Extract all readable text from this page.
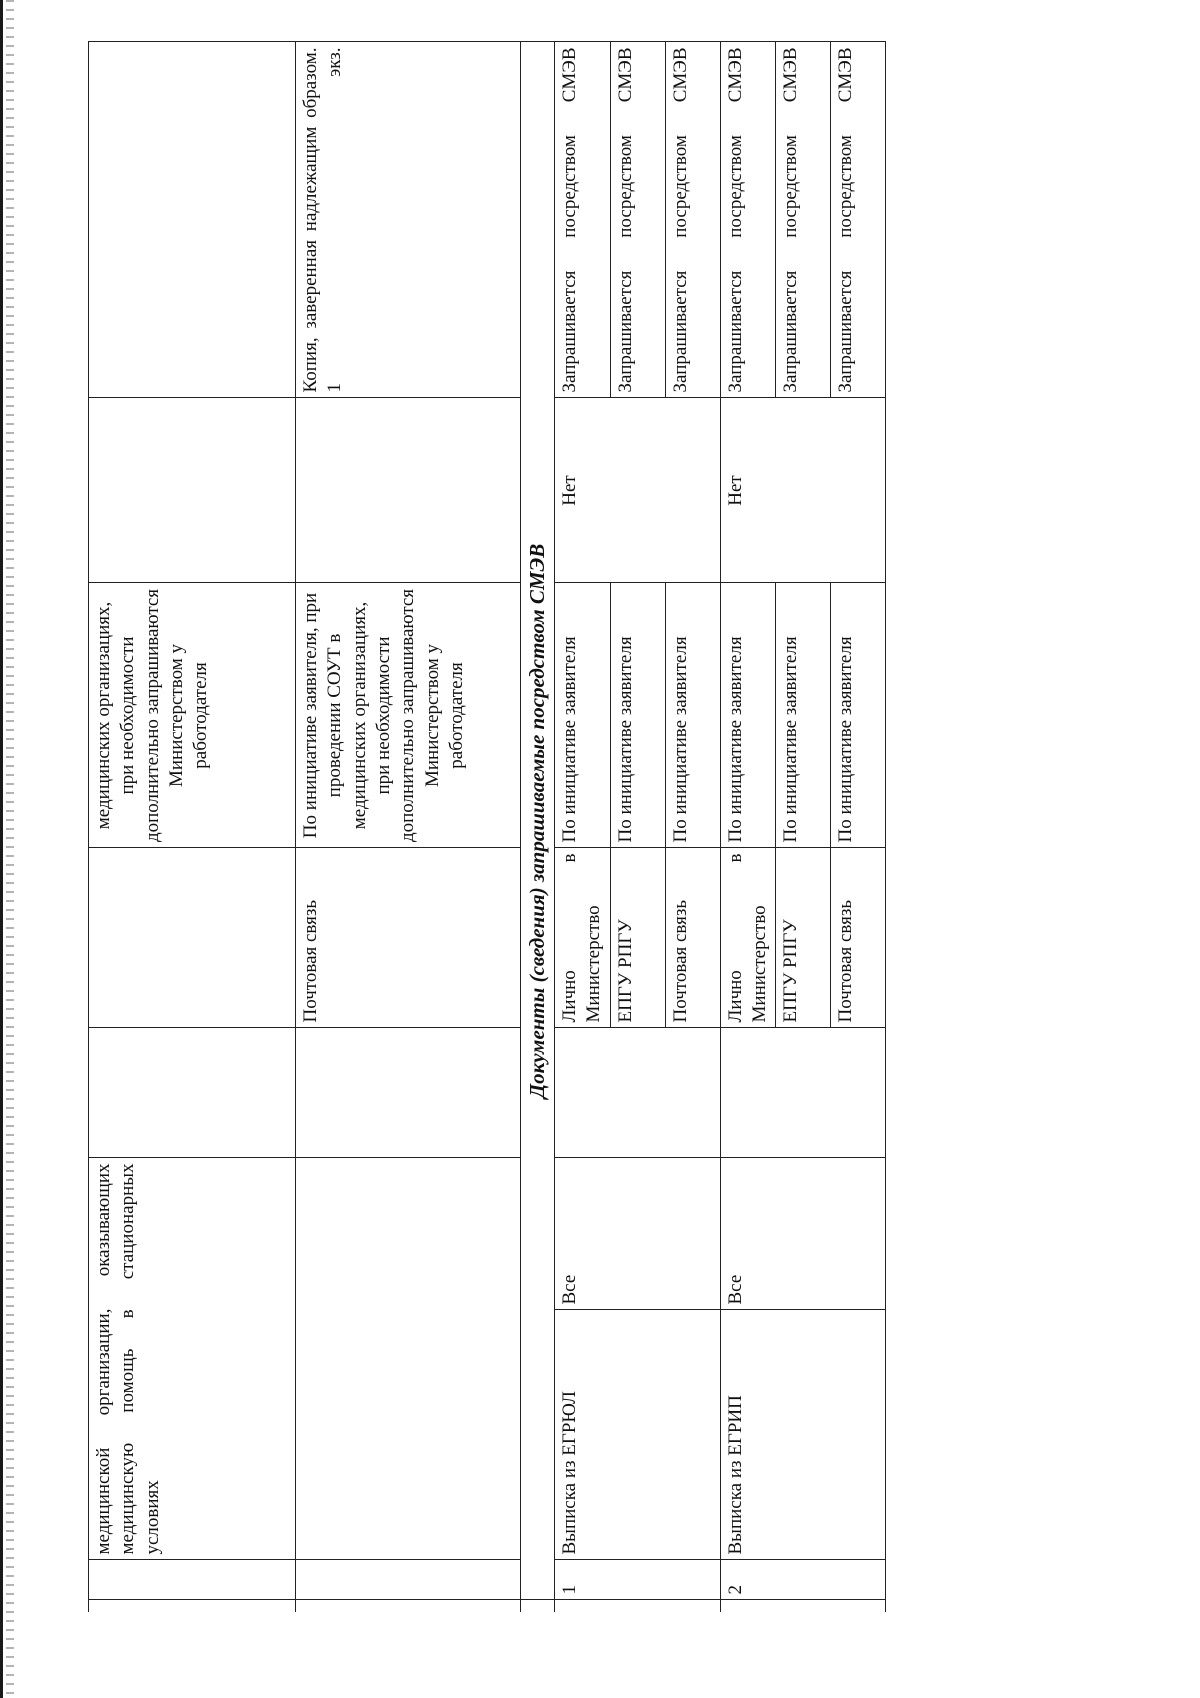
		медицинской организации, оказывающих медицинскую помощь в стационарных условиях				медицинских организациях, при необходимости дополнительно запрашиваются Министерством у работодателя		
					Почтовая связь	По инициативе заявителя, при проведении СОУТ в медицинских организациях, при необходимости дополнительно запрашиваются Министерством у работодателя		Копия, заверенная надлежащим образом. 1 экз.
	Документы (сведения) запрашиваемые посредством СМЭВ							
	1	Выписка из ЕГРЮЛ	Все		Лично в Министерство	По инициативе заявителя	Нет	Запрашивается посредством СМЭВ
					ЕПГУ РПГУ	По инициативе заявителя		Запрашивается посредством СМЭВ
					Почтовая связь	По инициативе заявителя		Запрашивается посредством СМЭВ
	2	Выписка из ЕГРИП	Все		Лично в Министерство	По инициативе заявителя	Нет	Запрашивается посредством СМЭВ
					ЕПГУ РПГУ	По инициативе заявителя		Запрашивается посредством СМЭВ
					Почтовая связь	По инициативе заявителя		Запрашивается посредством СМЭВ
